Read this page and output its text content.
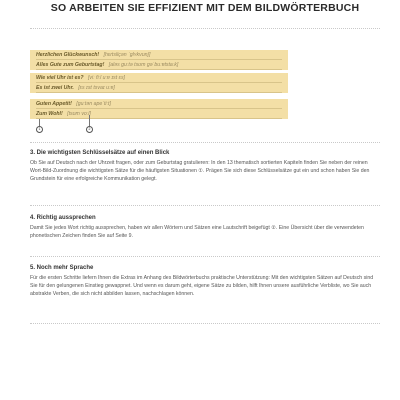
SO ARBEITEN SIE EFFIZIENT MIT DEM BILDWÖRTERBUCH
Herzlichen Glückwunsch! [hɛrtsliçən ˈglʏkvʊnʃ]
Alles Gute zum Geburtstag! [alǝs guːtǝ tsʊm gǝˈbuːɐtstaːk]
Wie viel Uhr ist es? [viː fiːl uːɐ ɪst ɛs]
Es ist zwei Uhr. [ɛs ɪst tsvaɪ uːɐ]
Guten Appetit! [guːtən apeˈtiːt]
Zum Wohl! [tsʊm voːl]
1	2
3. Die wichtigsten Schlüsselsätze auf einen Blick

Ob Sie auf Deutsch nach der Uhrzeit fragen, oder zum Geburtstag gratulieren: In den 13 thematisch sortierten Kapiteln finden Sie neben der reinen Wort-Bild-Zuordnung die wichtigsten Sätze für die häufigsten Situationen ①. Prägen Sie sich diese Schlüsselsätze gut ein und schon haben Sie den Grundstein für eine erfolgreiche Kommunikation gelegt.

4. Richtig aussprechen

Damit Sie jedes Wort richtig aussprechen, haben wir allen Wörtern und Sätzen eine Lautschrift beigefügt ②. Eine Übersicht über die verwendeten phonetischen Zeichen finden Sie auf Seite 9.

5. Noch mehr Sprache

Für die ersten Schritte liefern Ihnen die Extras im Anhang des Bildwörterbuchs praktische Unterstützung: Mit den wichtigsten Sätzen auf Deutsch sind Sie für den gelungenen Einstieg gewappnet. Und wenn es darum geht, eigene Sätze zu bilden, hilft Ihnen unsere ausführliche Verbliste, wo Sie auch abstrakte Verben, die sich nicht abbilden lassen, nachschlagen können.
